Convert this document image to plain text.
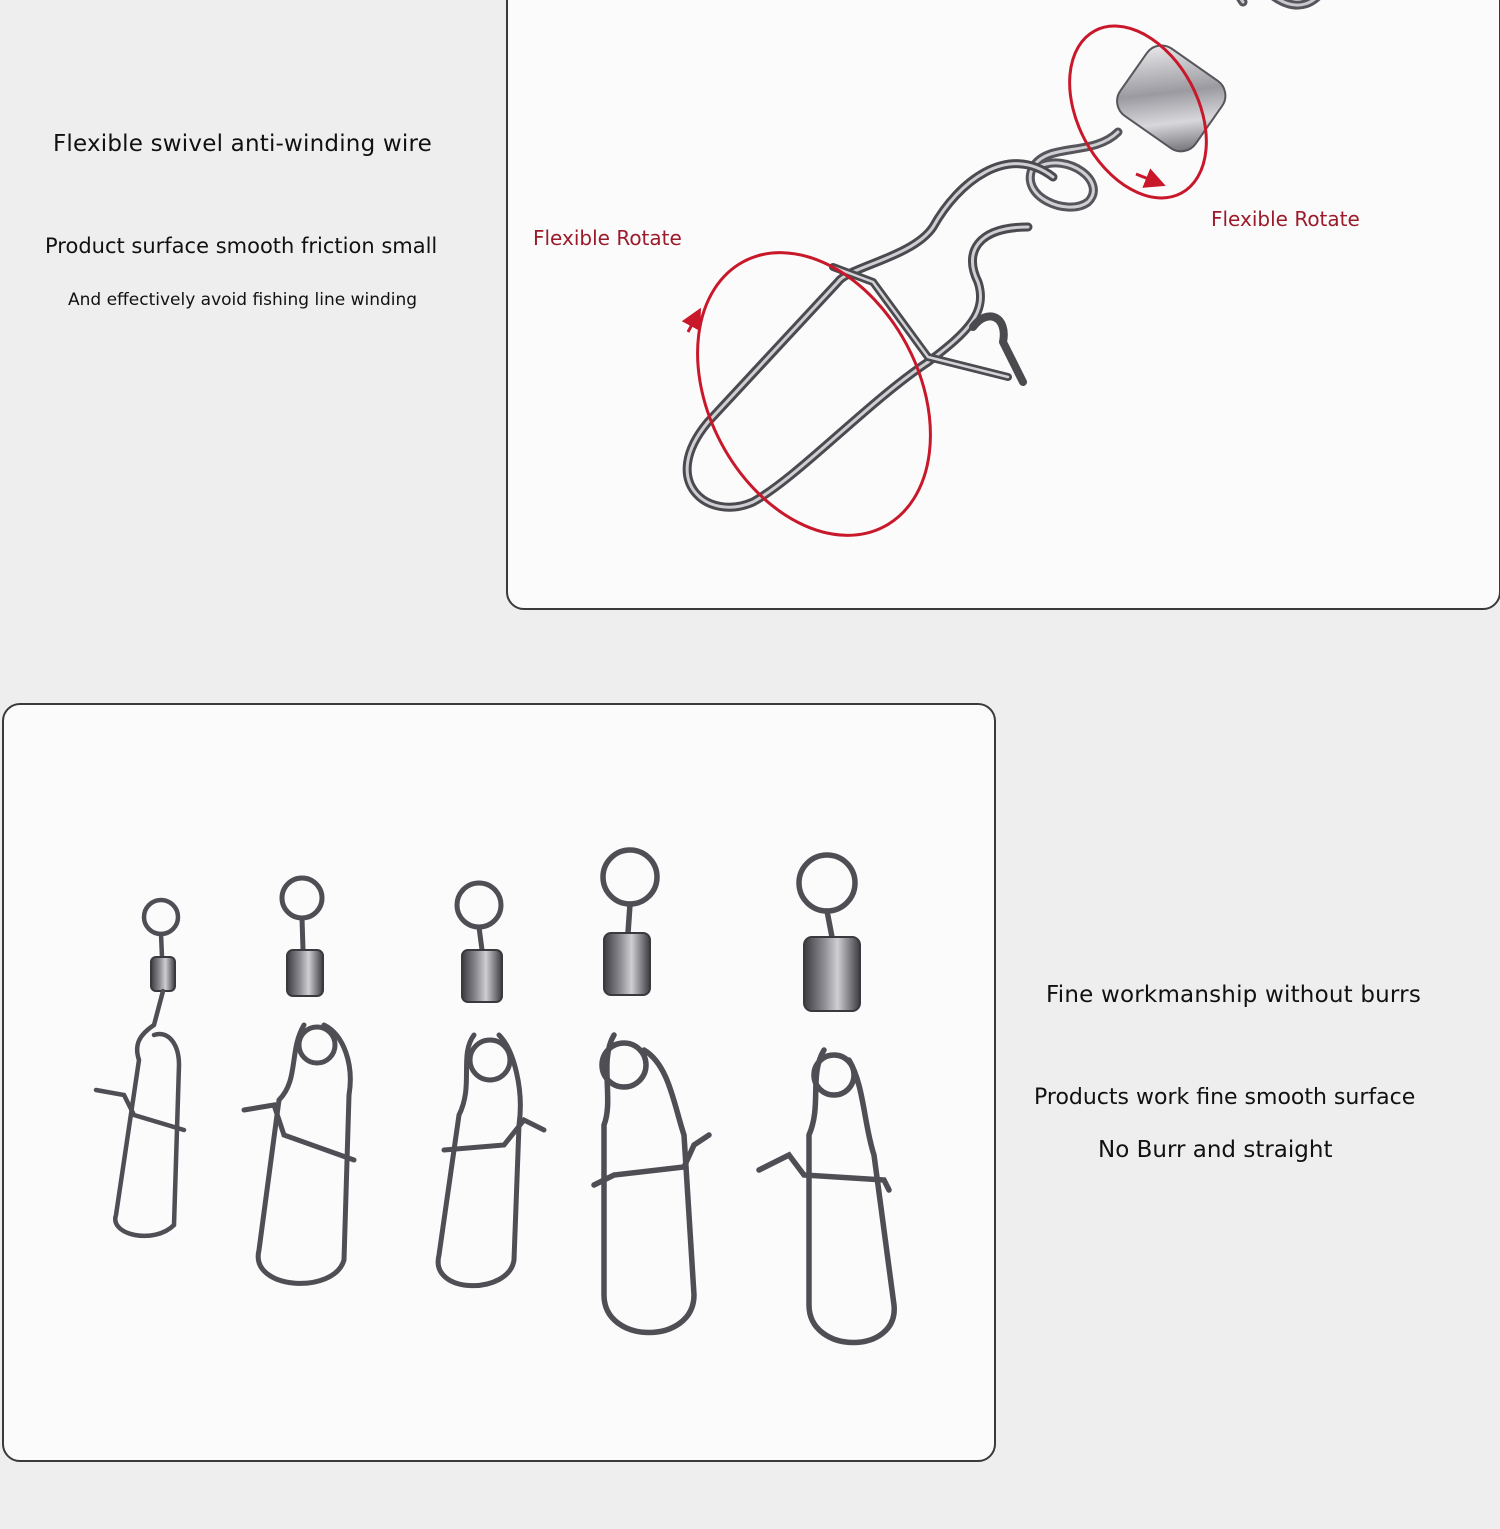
Flexible swivel anti-winding wire
Product surface smooth friction small
And effectively avoid fishing line winding
Flexible Rotate
Flexible Rotate
Fine workmanship without burrs
Products work fine smooth surface
No Burr and straight
